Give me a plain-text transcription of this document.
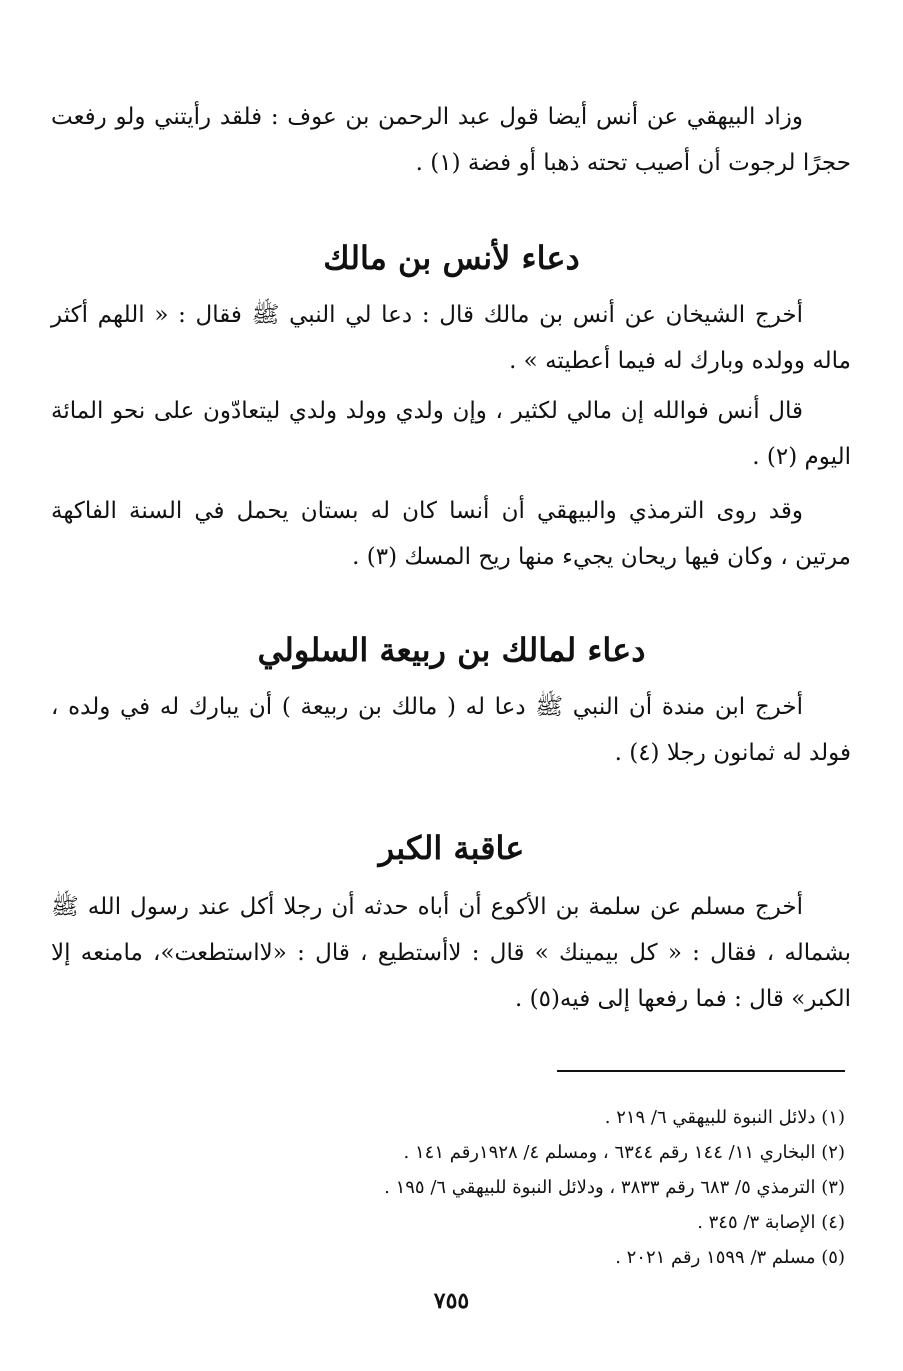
وزاد البيهقي عن أنس أيضا قول عبد الرحمن بن عوف : فلقد رأيتني ولو رفعت حجرًا لرجوت أن أصيب تحته ذهبا أو فضة (١) .

دعاء لأنس بن مالك

أخرج الشيخان عن أنس بن مالك قال : دعا لي النبي ﷺ فقال : « اللهم أكثر ماله وولده وبارك له فيما أعطيته » .

قال أنس فوالله إن مالي لكثير ، وإن ولدي وولد ولدي ليتعادّون على نحو المائة اليوم (٢) .

وقد روى الترمذي والبيهقي أن أنسا كان له بستان يحمل في السنة الفاكهة مرتين ، وكان فيها ريحان يجيء منها ريح المسك (٣) .

دعاء لمالك بن ربيعة السلولي

أخرج ابن مندة أن النبي ﷺ دعا له ( مالك بن ربيعة ) أن يبارك له في ولده ، فولد له ثمانون رجلا (٤) .

عاقبة الكبر

أخرج مسلم عن سلمة بن الأكوع أن أباه حدثه أن رجلا أكل عند رسول الله ﷺ بشماله ، فقال : « كل بيمينك » قال : لاأستطيع ، قال : «لااستطعت»، مامنعه إلا الكبر» قال : فما رفعها إلى فيه(٥) .

(١) دلائل النبوة للبيهقي ٦/ ٢١٩ .
(٢) البخاري ١١/ ١٤٤ رقم ٦٣٤٤ ، ومسلم ٤/ ١٩٢٨رقم ١٤١ .
(٣) الترمذي ٥/ ٦٨٣ رقم ٣٨٣٣ ، ودلائل النبوة للبيهقي ٦/ ١٩٥ .
(٤) الإصابة ٣/ ٣٤٥ .
(٥) مسلم ٣/ ١٥٩٩ رقم ٢٠٢١ .
٧٥٥
